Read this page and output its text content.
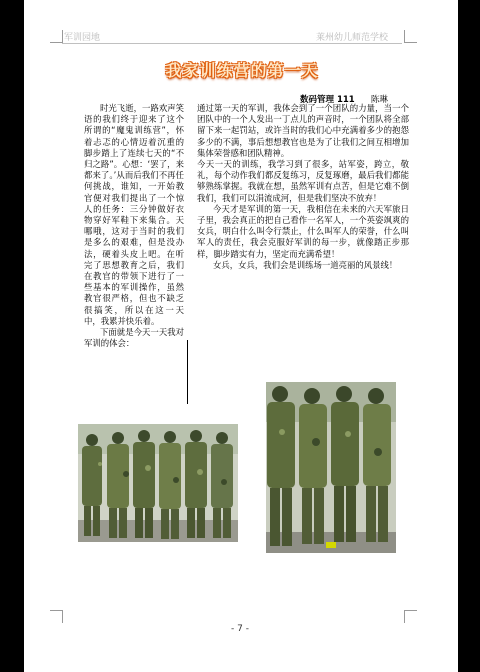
军训园地	莱州幼儿师范学校
我家训练营的第一天
数码管理 111 陈琳

时光飞逝，一路欢声笑语的我们终于迎来了这个所谓的“魔鬼训练营”，怀着忐忑的心情迈着沉重的脚步踏上了连续七天的“不归之路”。心想：‘罢了，来都来了。’从而后我们不再任何挑战，谁知，一开始教官便对我们提出了一个惊人的任务：三分钟做好衣物穿好军鞋下来集合。天哪哦，这对于当时的我们是多么的艰难，但是没办法，硬着头皮上吧。在听完了思想教育之后，我们在教官的带领下进行了一些基本的军训操作，虽然教官很严格，但也不缺乏很搞笑，所以在这一天中，我累并快乐着。

下面就是今天一天我对军训的体会：

通过第一天的军训，我体会到了一个团队的力量，当一个团队中的一个人发出一丁点儿的声音时，一个团队将全部留下来一起罚站，或许当时的我们心中充满着多少的抱怨多少的不满，事后想想教官也是为了让我们之间互相增加集体荣誉感和团队精神。

今天一天的训练，我学习到了很多，站军姿，跨立，敬礼，每个动作我们都反复练习，反复琢磨，最后我们都能够熟练掌握。我就在想，虽然军训有点苦，但是它难不倒我们，我们可以涓流成河，但是我们坚决不放弃！

今天才是军训的第一天，我相信在未来的六天军旅日子里，我会真正的把自己看作一名军人，一个英姿飒爽的女兵，明白什么叫令行禁止，什么叫军人的荣誉，什么叫军人的责任，我会克服好军训的每一步，就像踏正步那样，脚步踏实有力，坚定而充满希望！

女兵，女兵，我们会是训练场一道亮丽的风景线！

- 7 -
